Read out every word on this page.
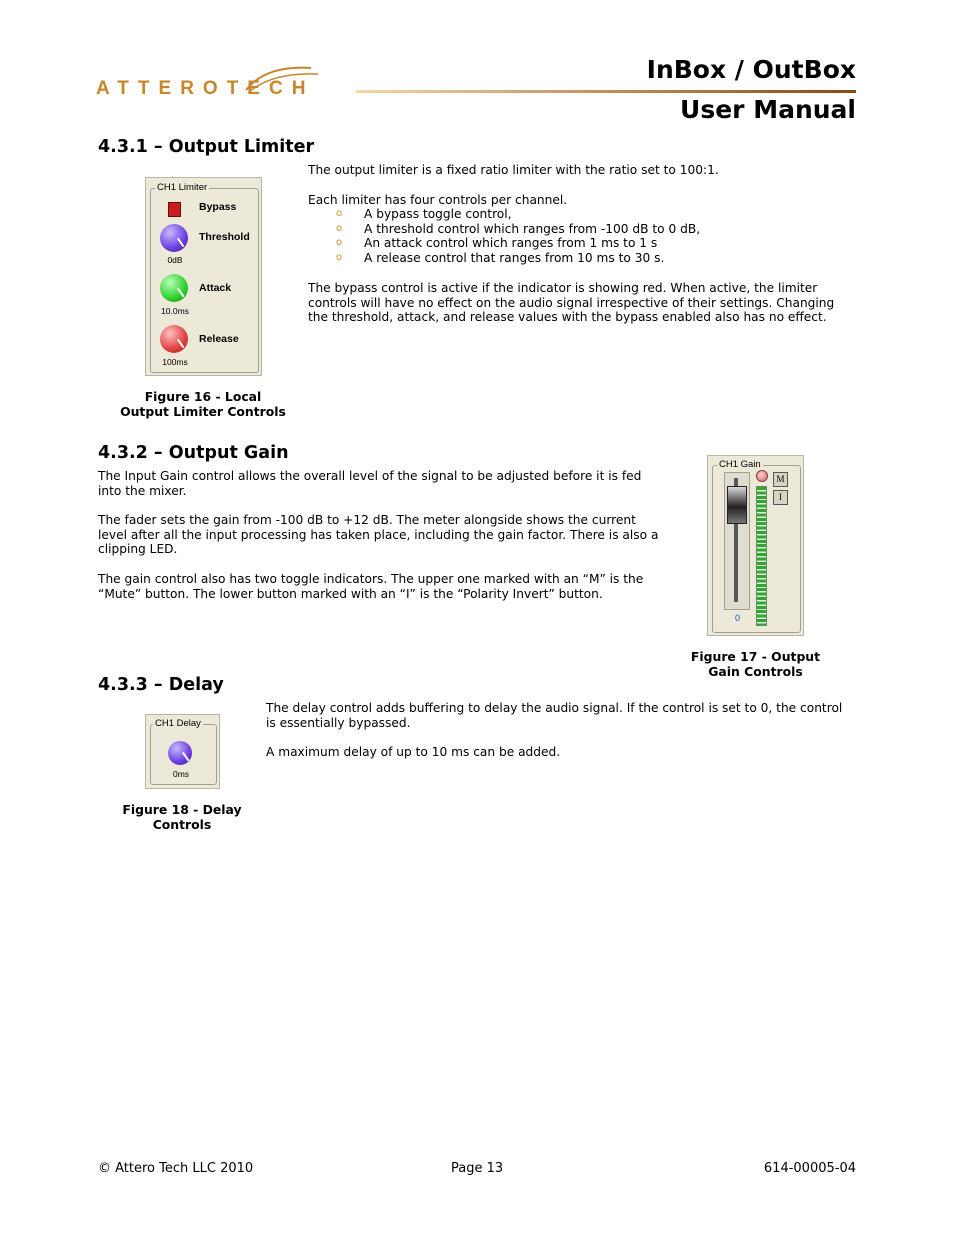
ATTEROTECH
InBox / OutBox
User Manual
4.3.1 – Output Limiter
The output limiter is a fixed ratio limiter with the ratio set to 100:1.
Each limiter has four controls per channel.
o A bypass toggle control,
o A threshold control which ranges from -100 dB to 0 dB,
o An attack control which ranges from 1 ms to 1 s
o A release control that ranges from 10 ms to 30 s.
The bypass control is active if the indicator is showing red. When active, the limiter controls will have no effect on the audio signal irrespective of their settings. Changing the threshold, attack, and release values with the bypass enabled also has no effect.
CH1 Limiter
Bypass
Threshold
0dB
Attack
10.0ms
Release
100ms
Figure 16 - Local Output Limiter Controls
4.3.2 – Output Gain
The Input Gain control allows the overall level of the signal to be adjusted before it is fed into the mixer.
The fader sets the gain from -100 dB to +12 dB. The meter alongside shows the current level after all the input processing has taken place, including the gain factor. There is also a clipping LED.
The gain control also has two toggle indicators. The upper one marked with an “M” is the “Mute” button. The lower button marked with an “I” is the “Polarity Invert” button.
CH1 Gain
0
M
I
Figure 17 - Output Gain Controls
4.3.3 – Delay
The delay control adds buffering to delay the audio signal. If the control is set to 0, the control is essentially bypassed.
A maximum delay of up to 10 ms can be added.
CH1 Delay
0ms
Figure 18 - Delay Controls
© Attero Tech LLC 2010	Page 13	614-00005-04
